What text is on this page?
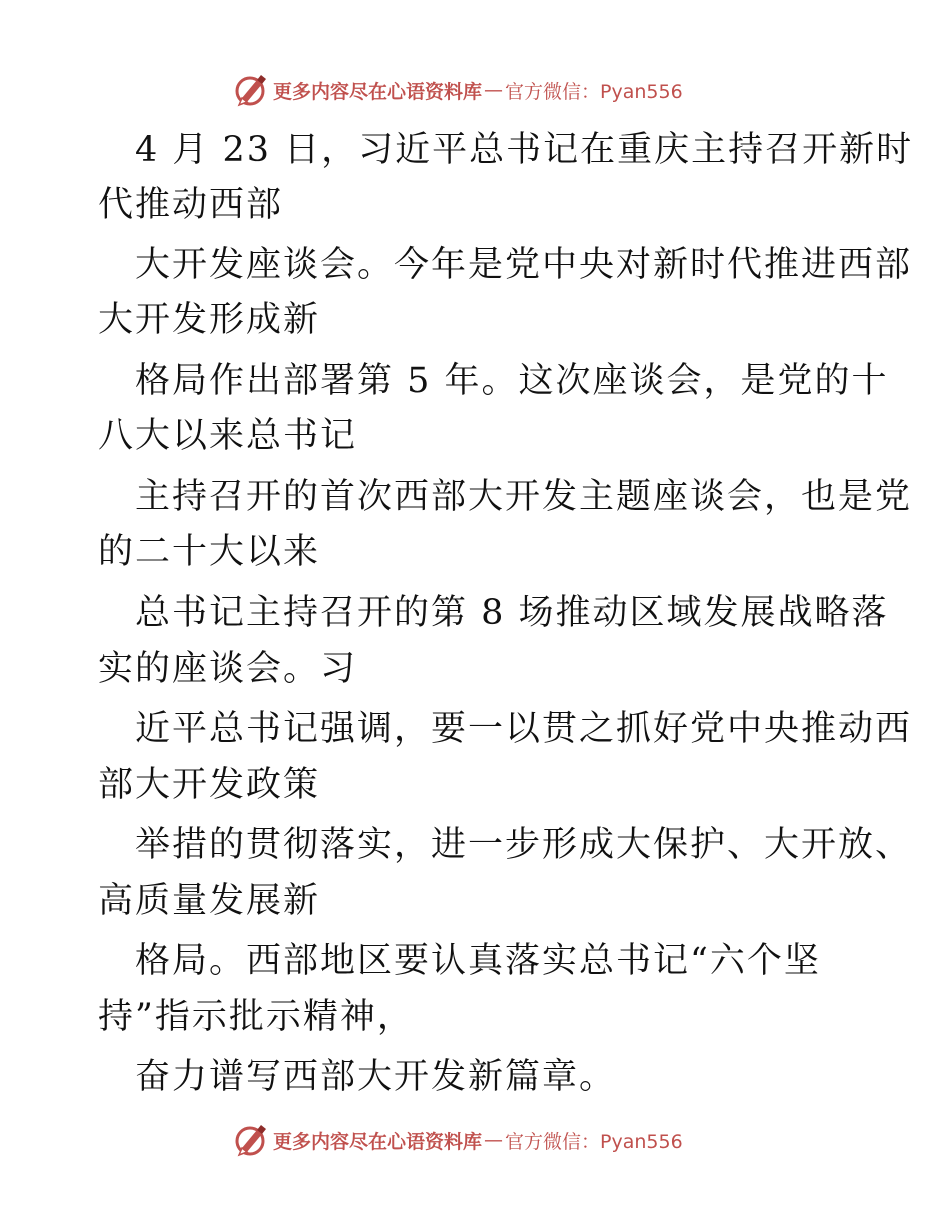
更多内容尽在心语资料库 — 官方微信：Pyan556
4 月 23 日，习近平总书记在重庆主持召开新时
代推动西部
大开发座谈会。今年是党中央对新时代推进西部
大开发形成新
格局作出部署第 5 年。这次座谈会，是党的十
八大以来总书记
主持召开的首次西部大开发主题座谈会，也是党
的二十大以来
总书记主持召开的第 8 场推动区域发展战略落
实的座谈会。习
近平总书记强调，要一以贯之抓好党中央推动西
部大开发政策
举措的贯彻落实，进一步形成大保护、大开放、
高质量发展新
格局。西部地区要认真落实总书记“六个坚
持”指示批示精神，
奋力谱写西部大开发新篇章。
更多内容尽在心语资料库 — 官方微信：Pyan556
